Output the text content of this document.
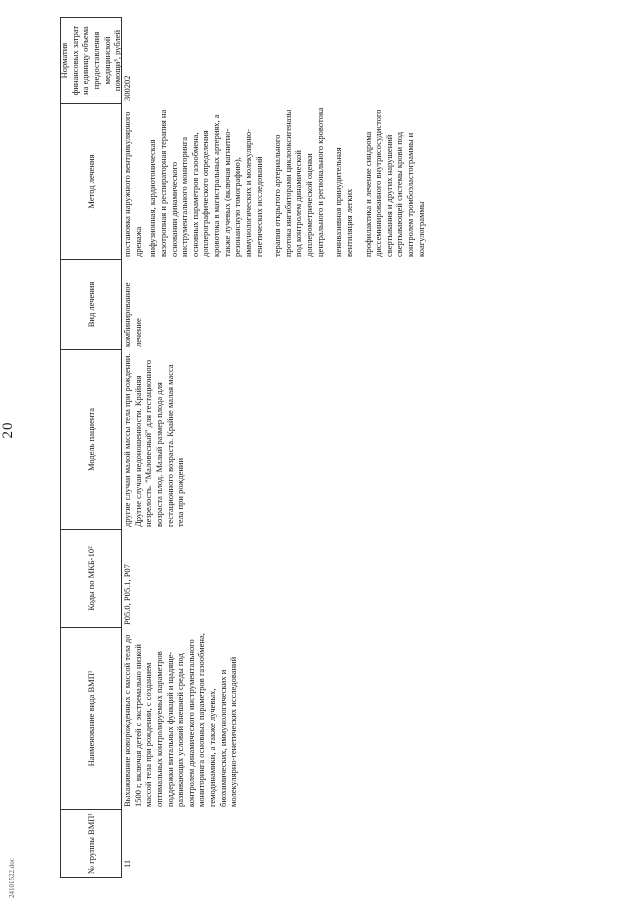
20
№ группы ВМП¹
Наименование вида ВМП¹
Коды по МКБ-10²
Модель пациента
Вид лечения
Метод лечения
Норматив финансовых затрат на единицу объема предоставления медицинской помощи³, рублей
11
Выхаживание новорожденных с массой тела до 1500 г, включая детей с экстремально низкой массой тела при рождении, с созданием оптимальных контролируемых параметров поддержки витальных функций и щадяще-развивающих условий внешней среды под контролем динамического инструментального мониторинга основных параметров газообмена, гемодинамики, а также лучевых, биохимических, иммунологических и молекулярно-генетических исследований
P05.0, P05.1, P07
другие случаи малой массы тела при рождении. Другие случаи недоношенности. Крайняя незрелость. "Маловесный" для гестационного возраста плод. Малый размер плода для гестационного возраста. Крайне малая масса тела при рождении
комбинированное лечение
постановка наружного вентрикулярного дренажа инфузионная, кардиотоническая вазотропная и респираторная терапия на основании динамического инструментального мониторинга основных параметров газообмена, доплерографического определения кровотока в магистральных артериях, а также лучевых (включая магнитно-резонансную томографию), иммунологических и молекулярно-генетических исследований терапия открытого артериального протока ингибиторами циклооксигеназы под контролем динамической доплерометрической оценки центрального и регионального кровотока неинвазивная принудительная вентиляция легких профилактика и лечение синдрома диссеминированного внутрисосудистого свертывания и других нарушений свертывающей системы крови под контролем тромбоэластограммы и коагулограммы
300202
24101522.doc
